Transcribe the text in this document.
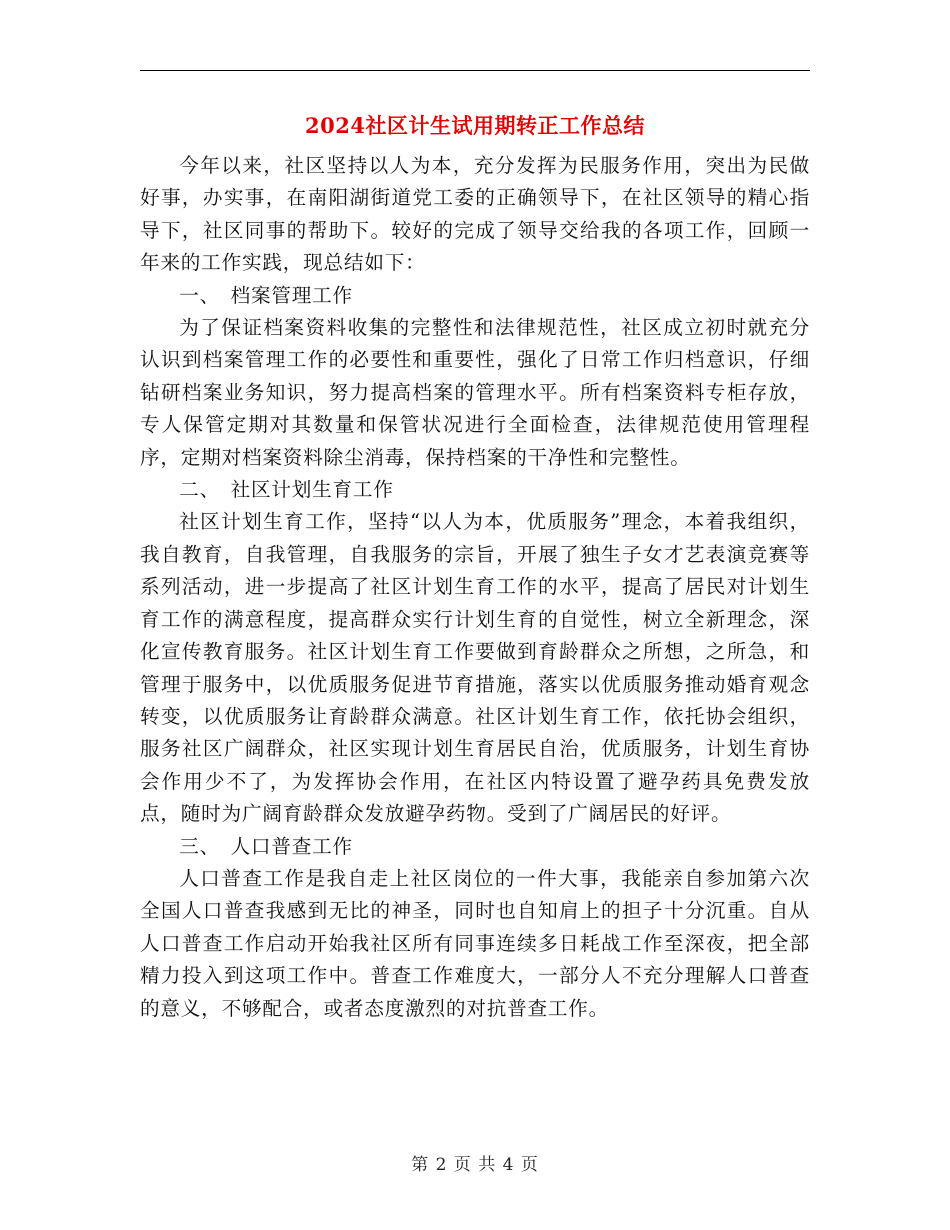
2024社区计生试用期转正工作总结

今年以来，社区坚持以人为本，充分发挥为民服务作用，突出为民做好事，办实事，在南阳湖街道党工委的正确领导下，在社区领导的精心指导下，社区同事的帮助下。较好的完成了领导交给我的各项工作，回顾一年来的工作实践，现总结如下：

一、　档案管理工作

为了保证档案资料收集的完整性和法律规范性，社区成立初时就充分认识到档案管理工作的必要性和重要性，强化了日常工作归档意识，仔细钻研档案业务知识，努力提高档案的管理水平。所有档案资料专柜存放，专人保管定期对其数量和保管状况进行全面检查，法律规范使用管理程序，定期对档案资料除尘消毒，保持档案的干净性和完整性。

二、　社区计划生育工作

社区计划生育工作，坚持“以人为本，优质服务”理念，本着我组织，我自教育，自我管理，自我服务的宗旨，开展了独生子女才艺表演竞赛等系列活动，进一步提高了社区计划生育工作的水平，提高了居民对计划生育工作的满意程度，提高群众实行计划生育的自觉性，树立全新理念，深化宣传教育服务。社区计划生育工作要做到育龄群众之所想，之所急，和管理于服务中，以优质服务促进节育措施，落实以优质服务推动婚育观念转变，以优质服务让育龄群众满意。社区计划生育工作，依托协会组织，服务社区广阔群众，社区实现计划生育居民自治，优质服务，计划生育协会作用少不了，为发挥协会作用，在社区内特设置了避孕药具免费发放点，随时为广阔育龄群众发放避孕药物。受到了广阔居民的好评。

三、　人口普查工作

人口普查工作是我自走上社区岗位的一件大事，我能亲自参加第六次全国人口普查我感到无比的神圣，同时也自知肩上的担子十分沉重。自从人口普查工作启动开始我社区所有同事连续多日耗战工作至深夜，把全部精力投入到这项工作中。普查工作难度大，一部分人不充分理解人口普查的意义，不够配合，或者态度激烈的对抗普查工作。

第 2 页 共 4 页
